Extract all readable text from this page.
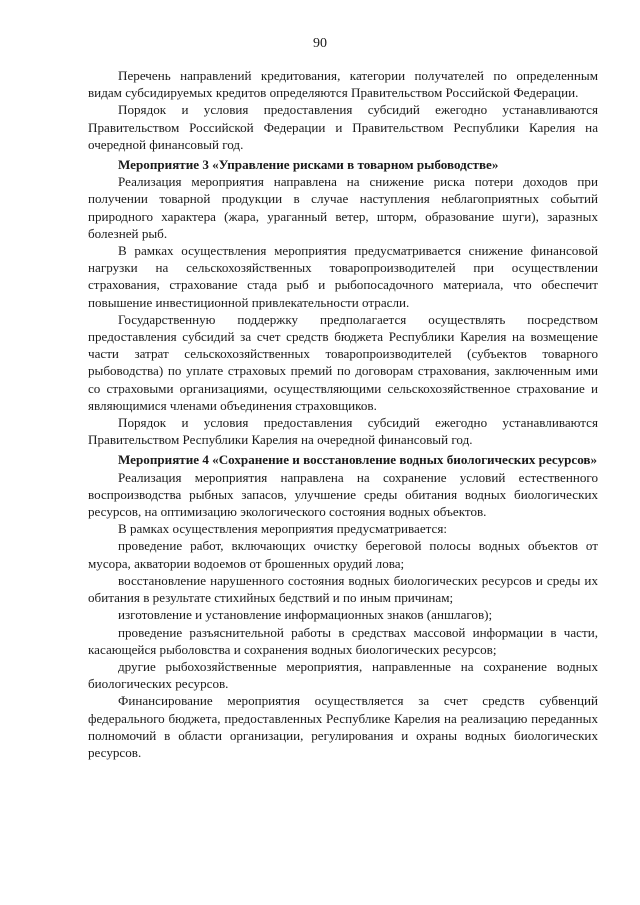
90

Перечень направлений кредитования, категории получателей по определенным видам субсидируемых кредитов определяются Правительством Российской Федерации.

Порядок и условия предоставления субсидий ежегодно устанавливаются Правительством Российской Федерации и Правительством Республики Карелия на очередной финансовый год.

Мероприятие 3 «Управление рисками в товарном рыбоводстве»

Реализация мероприятия направлена на снижение риска потери доходов при получении товарной продукции в случае наступления неблагоприятных событий природного характера (жара, ураганный ветер, шторм, образование шуги), заразных болезней рыб.

В рамках осуществления мероприятия предусматривается снижение финансовой нагрузки на сельскохозяйственных товаропроизводителей при осуществлении страхования, страхование стада рыб и рыбопосадочного материала, что обеспечит повышение инвестиционной привлекательности отрасли.

Государственную поддержку предполагается осуществлять посредством предоставления субсидий за счет средств бюджета Республики Карелия на возмещение части затрат сельскохозяйственных товаропроизводителей (субъектов товарного рыбоводства) по уплате страховых премий по договорам страхования, заключенным ими со страховыми организациями, осуществляющими сельскохозяйственное страхование и являющимися членами объединения страховщиков.

Порядок и условия предоставления субсидий ежегодно устанавливаются Правительством Республики Карелия на очередной финансовый год.

Мероприятие 4 «Сохранение и восстановление водных биологических ресурсов»

Реализация мероприятия направлена на сохранение условий естественного воспроизводства рыбных запасов, улучшение среды обитания водных биологических ресурсов, на оптимизацию экологического состояния водных объектов.

В рамках осуществления мероприятия предусматривается:

проведение работ, включающих очистку береговой полосы водных объектов от мусора, акватории водоемов от брошенных орудий лова;

восстановление нарушенного состояния водных биологических ресурсов и среды их обитания в результате стихийных бедствий и по иным причинам;

изготовление и установление информационных знаков (аншлагов);

проведение разъяснительной работы в средствах массовой информации в части, касающейся рыболовства и сохранения водных биологических ресурсов;

другие рыбохозяйственные мероприятия, направленные на сохранение водных биологических ресурсов.

Финансирование мероприятия осуществляется за счет средств субвенций федерального бюджета, предоставленных Республике Карелия на реализацию переданных полномочий в области организации, регулирования и охраны водных биологических ресурсов.
